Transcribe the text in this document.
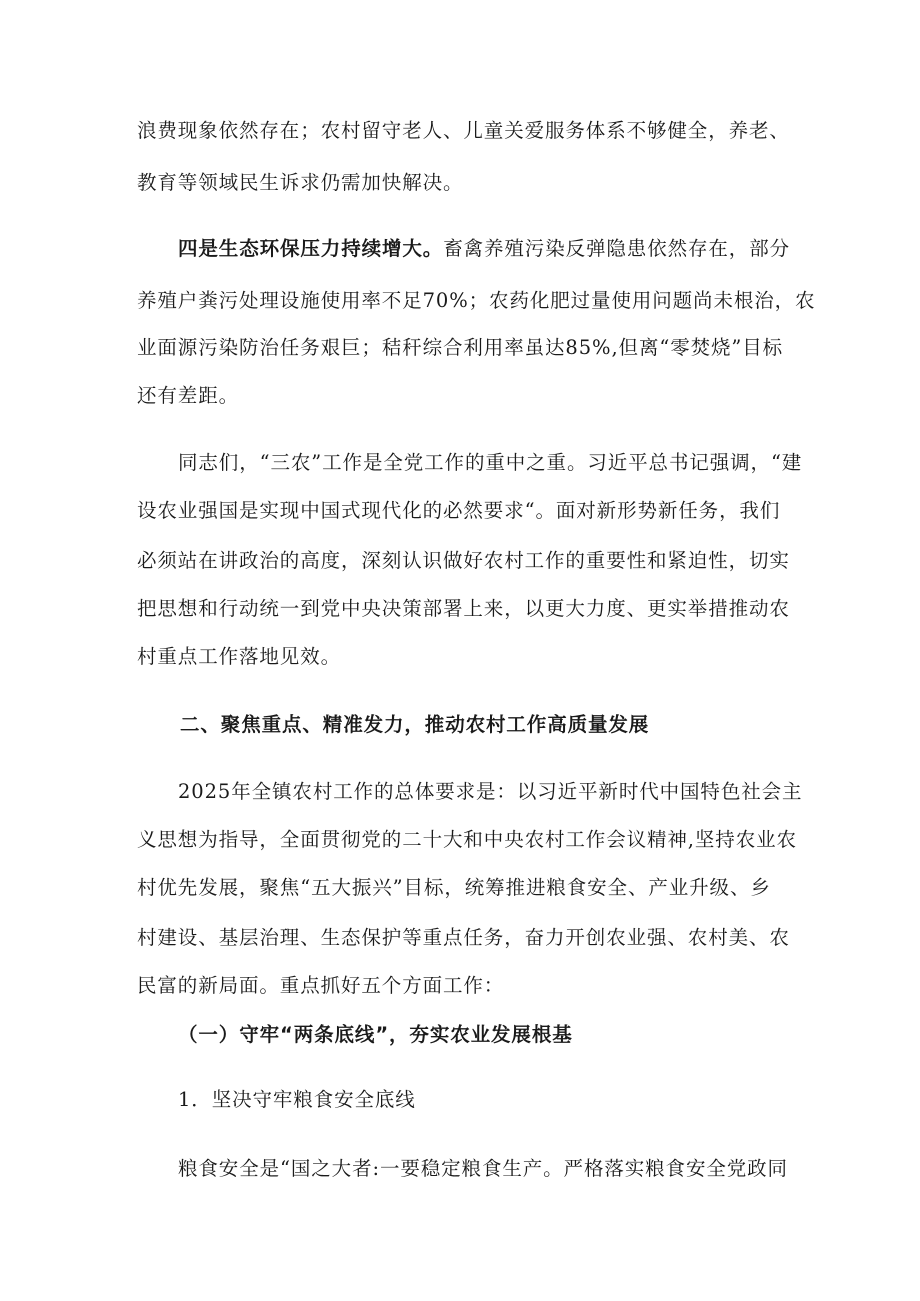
浪费现象依然存在；农村留守老人、儿童关爱服务体系不够健全，养老、
教育等领域民生诉求仍需加快解决。
四是生态环保压力持续增大。畜禽养殖污染反弹隐患依然存在，部分
养殖户粪污处理设施使用率不足70%；农药化肥过量使用问题尚未根治，农
业面源污染防治任务艰巨；秸秆综合利用率虽达85%,但离“零焚烧”目标
还有差距。
同志们，“三农”工作是全党工作的重中之重。习近平总书记强调，“建
设农业强国是实现中国式现代化的必然要求“。面对新形势新任务，我们
必须站在讲政治的高度，深刻认识做好农村工作的重要性和紧迫性，切实
把思想和行动统一到党中央决策部署上来，以更大力度、更实举措推动农
村重点工作落地见效。
二、聚焦重点、精准发力，推动农村工作高质量发展
2025年全镇农村工作的总体要求是：以习近平新时代中国特色社会主
义思想为指导，全面贯彻党的二十大和中央农村工作会议精神,坚持农业农
村优先发展，聚焦“五大振兴”目标，统筹推进粮食安全、产业升级、乡
村建设、基层治理、生态保护等重点任务，奋力开创农业强、农村美、农
民富的新局面。重点抓好五个方面工作：
（一）守牢“两条底线”，夯实农业发展根基
1．坚决守牢粮食安全底线
粮食安全是“国之大者:一要稳定粮食生产。严格落实粮食安全党政同
